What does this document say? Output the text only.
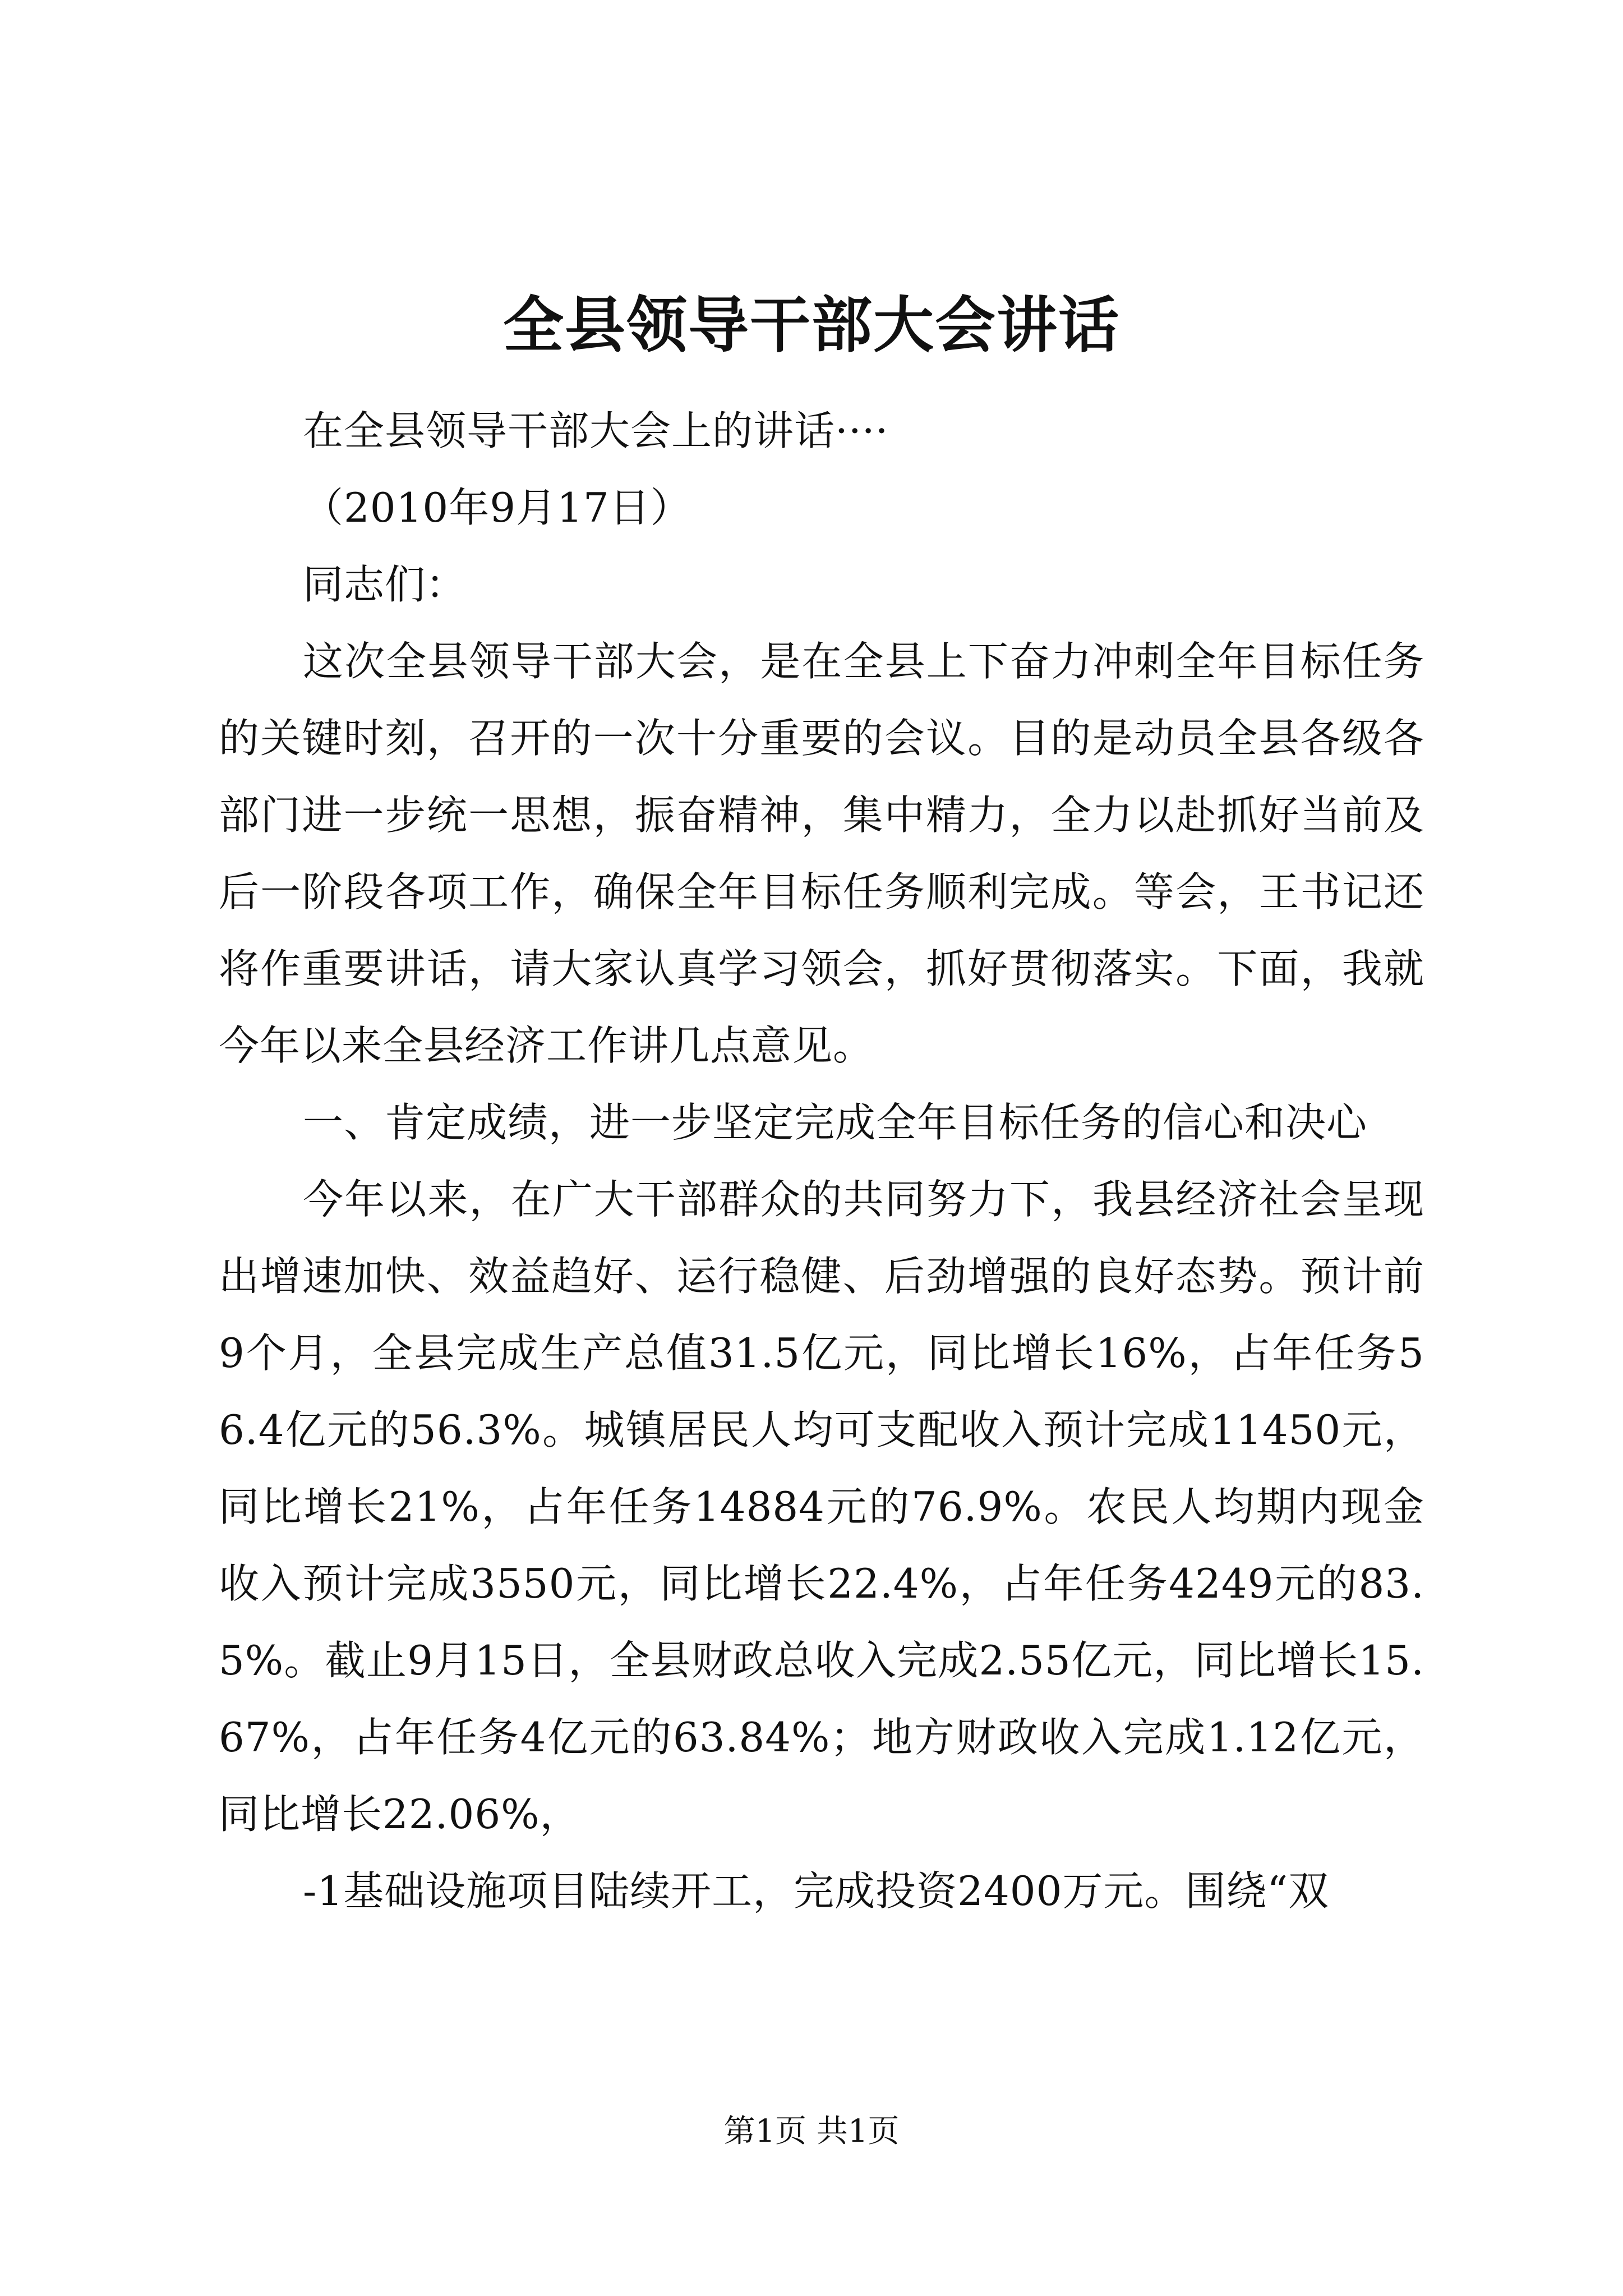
全县领导干部大会讲话

在全县领导干部大会上的讲话····

（2010年9月17日）

同志们：

这次全县领导干部大会，是在全县上下奋力冲刺全年目标任务的关键时刻，召开的一次十分重要的会议。目的是动员全县各级各部门进一步统一思想，振奋精神，集中精力，全力以赴抓好当前及后一阶段各项工作，确保全年目标任务顺利完成。等会，王书记还将作重要讲话，请大家认真学习领会，抓好贯彻落实。下面，我就今年以来全县经济工作讲几点意见。

一、肯定成绩，进一步坚定完成全年目标任务的信心和决心

今年以来，在广大干部群众的共同努力下，我县经济社会呈现出增速加快、效益趋好、运行稳健、后劲增强的良好态势。预计前9个月，全县完成生产总值31.5亿元，同比增长16%，占年任务56.4亿元的56.3%。城镇居民人均可支配收入预计完成11450元，同比增长21%，占年任务14884元的76.9%。农民人均期内现金收入预计完成3550元，同比增长22.4%，占年任务4249元的83.5%。截止9月15日，全县财政总收入完成2.55亿元，同比增长15.67%，占年任务4亿元的63.84%；地方财政收入完成1.12亿元，同比增长22.06%，

-1基础设施项目陆续开工，完成投资2400万元。围绕“双

第1页 共1页
